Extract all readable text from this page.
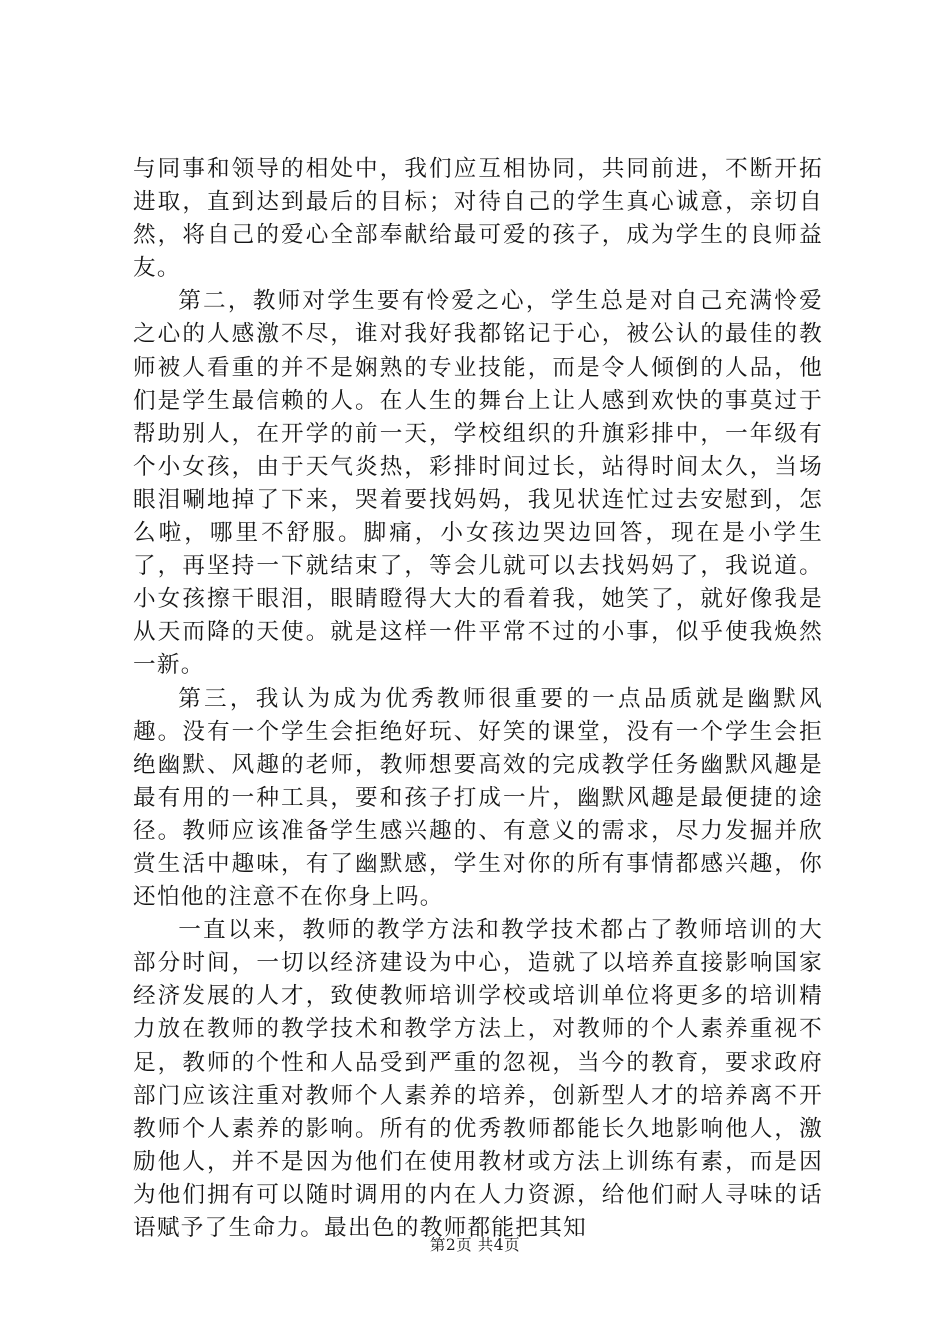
与同事和领导的相处中，我们应互相协同，共同前进，不断开拓进取，直到达到最后的目标；对待自己的学生真心诚意，亲切自然，将自己的爱心全部奉献给最可爱的孩子，成为学生的良师益友。

第二，教师对学生要有怜爱之心，学生总是对自己充满怜爱之心的人感激不尽，谁对我好我都铭记于心，被公认的最佳的教师被人看重的并不是娴熟的专业技能，而是令人倾倒的人品，他们是学生最信赖的人。在人生的舞台上让人感到欢快的事莫过于帮助别人，在开学的前一天，学校组织的升旗彩排中，一年级有个小女孩，由于天气炎热，彩排时间过长，站得时间太久，当场眼泪唰地掉了下来，哭着要找妈妈，我见状连忙过去安慰到，怎么啦，哪里不舒服。脚痛，小女孩边哭边回答，现在是小学生了，再坚持一下就结束了，等会儿就可以去找妈妈了，我说道。小女孩擦干眼泪，眼睛瞪得大大的看着我，她笑了，就好像我是从天而降的天使。就是这样一件平常不过的小事，似乎使我焕然一新。

第三，我认为成为优秀教师很重要的一点品质就是幽默风趣。没有一个学生会拒绝好玩、好笑的课堂，没有一个学生会拒绝幽默、风趣的老师，教师想要高效的完成教学任务幽默风趣是最有用的一种工具，要和孩子打成一片，幽默风趣是最便捷的途径。教师应该准备学生感兴趣的、有意义的需求，尽力发掘并欣赏生活中趣味，有了幽默感，学生对你的所有事情都感兴趣，你还怕他的注意不在你身上吗。

一直以来，教师的教学方法和教学技术都占了教师培训的大部分时间，一切以经济建设为中心，造就了以培养直接影响国家经济发展的人才，致使教师培训学校或培训单位将更多的培训精力放在教师的教学技术和教学方法上，对教师的个人素养重视不足，教师的个性和人品受到严重的忽视，当今的教育，要求政府部门应该注重对教师个人素养的培养，创新型人才的培养离不开教师个人素养的影响。所有的优秀教师都能长久地影响他人，激励他人，并不是因为他们在使用教材或方法上训练有素，而是因为他们拥有可以随时调用的内在人力资源，给他们耐人寻味的话语赋予了生命力。最出色的教师都能把其知

第2页 共4页
